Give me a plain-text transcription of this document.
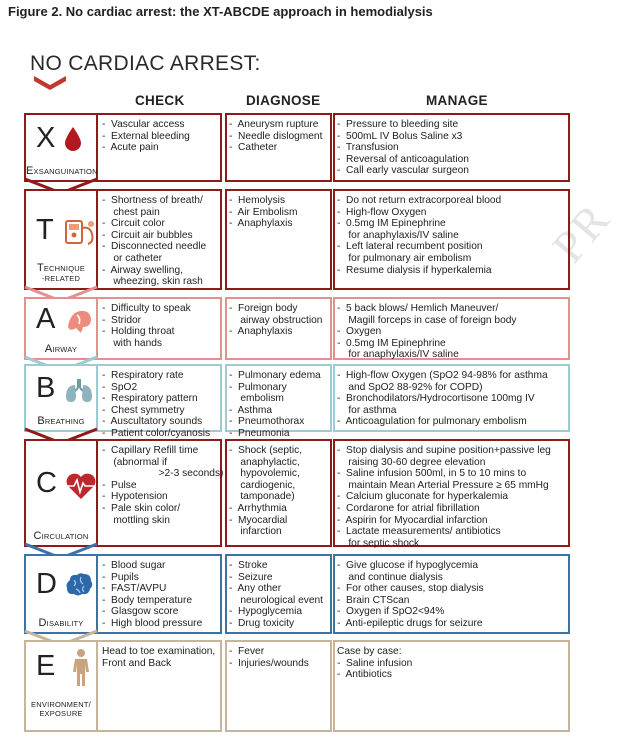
Figure 2. No cardiac arrest: the XT-ABCDE approach in hemodialysis
PR
NO CARDIAC ARREST:
CHECK	DIAGNOSE	MANAGE
X
EXSANGUINATION
-  Vascular access
-  External bleeding
-  Acute pain
-  Aneurysm rupture
-  Needle dislogment
-  Catheter
-  Pressure to bleeding site
-  500mL IV Bolus Saline x3
-  Transfusion
-  Reversal of anticoagulation
-  Call early vascular surgeon
T
TECHNIQUE
-RELATED
-  Shortness of breath/
chest pain
-  Circuit color
-  Circuit air bubbles
-  Disconnected needle
or catheter
-  Airway swelling,
wheezing, skin rash
-  Hemolysis
-  Air Embolism
-  Anaphylaxis
-  Do not return extracorporeal blood
-  High-flow Oxygen
-  0.5mg IM Epinephrine
for anaphylaxis/IV saline
-  Left lateral recumbent position
for pulmonary air embolism
-  Resume dialysis if hyperkalemia
A
AIRWAY
-  Difficulty to speak
-  Stridor
-  Holding throat
with hands
-  Foreign body
airway obstruction
-  Anaphylaxis
-  5 back blows/ Hemlich Maneuver/
Magill forceps in case of foreign body
-  Oxygen
-  0.5mg IM Epinephrine
for anaphylaxis/IV saline
B
BREATHING
-  Respiratory rate
-  SpO2
-  Respiratory pattern
-  Chest symmetry
-  Auscultatory sounds
-  Patient color/cyanosis
-  Pulmonary edema
-  Pulmonary
embolism
-  Asthma
-  Pneumothorax
-  Pneumonia
-  High-flow Oxygen (SpO2 94-98% for asthma
and SpO2 88-92% for COPD)
-  Bronchodilators/Hydrocortisone 100mg IV
for asthma
-  Anticoagulation for pulmonary embolism
C
CIRCULATION
-  Capillary Refill time
(abnormal if
>2-3 seconds)
-  Pulse
-  Hypotension
-  Pale skin color/
mottling skin
-  Shock (septic,
anaphylactic,
hypovolemic,
cardiogenic,
tamponade)
-  Arrhythmia
-  Myocardial
infarction
-  Stop dialysis and supine position+passive leg
raising 30-60 degree elevation
-  Saline infusion 500ml, in 5 to 10 mins to
maintain Mean Arterial Pressure ≥ 65 mmHg
-  Calcium gluconate for hyperkalemia
-  Cordarone for atrial fibrillation
-  Aspirin for Myocardial infarction
-  Lactate measurements/ antibiotics
for septic shock
D
DISABILITY
-  Blood sugar
-  Pupils
-  FAST/AVPU
-  Body temperature
-  Glasgow score
-  High blood pressure
-  Stroke
-  Seizure
-  Any other
neurological event
-  Hypoglycemia
-  Drug toxicity
-  Give glucose if hypoglycemia
and continue dialysis
-  For other causes, stop dialysis
-  Brain CTScan
-  Oxygen if SpO2<94%
-  Anti-epileptic drugs for seizure
E
ENVIRONMENT/
EXPOSURE
Head to toe examination,
Front and Back
-  Fever
-  Injuries/wounds
Case by case:
-  Saline infusion
-  Antibiotics
